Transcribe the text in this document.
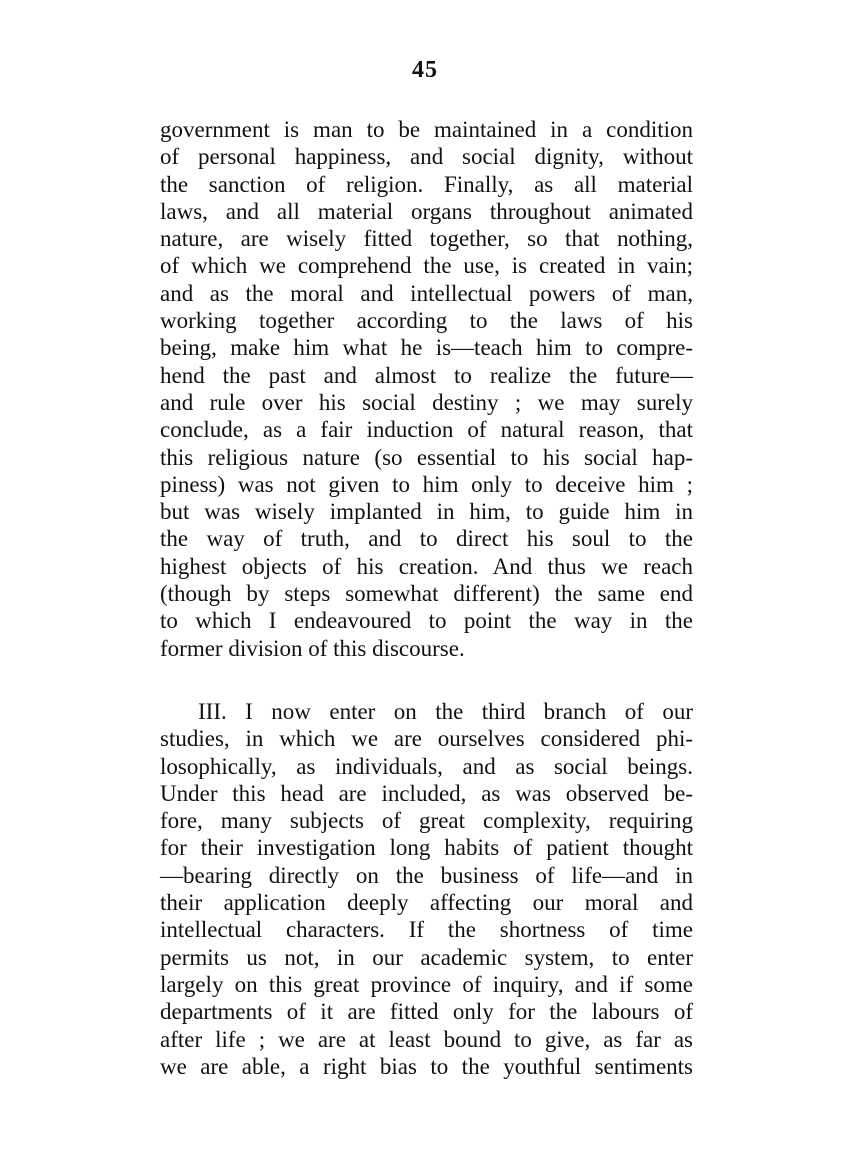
45
government is man to be maintained in a condition
of personal happiness, and social dignity, without
the sanction of religion. Finally, as all material
laws, and all material organs throughout animated
nature, are wisely fitted together, so that nothing,
of which we comprehend the use, is created in vain;
and as the moral and intellectual powers of man,
working together according to the laws of his
being, make him what he is—teach him to compre-
hend the past and almost to realize the future—
and rule over his social destiny ; we may surely
conclude, as a fair induction of natural reason, that
this religious nature (so essential to his social hap-
piness) was not given to him only to deceive him ;
but was wisely implanted in him, to guide him in
the way of truth, and to direct his soul to the
highest objects of his creation. And thus we reach
(though by steps somewhat different) the same end
to which I endeavoured to point the way in the
former division of this discourse.
III. I now enter on the third branch of our
studies, in which we are ourselves considered phi-
losophically, as individuals, and as social beings.
Under this head are included, as was observed be-
fore, many subjects of great complexity, requiring
for their investigation long habits of patient thought
—bearing directly on the business of life—and in
their application deeply affecting our moral and
intellectual characters. If the shortness of time
permits us not, in our academic system, to enter
largely on this great province of inquiry, and if some
departments of it are fitted only for the labours of
after life ; we are at least bound to give, as far as
we are able, a right bias to the youthful sentiments
